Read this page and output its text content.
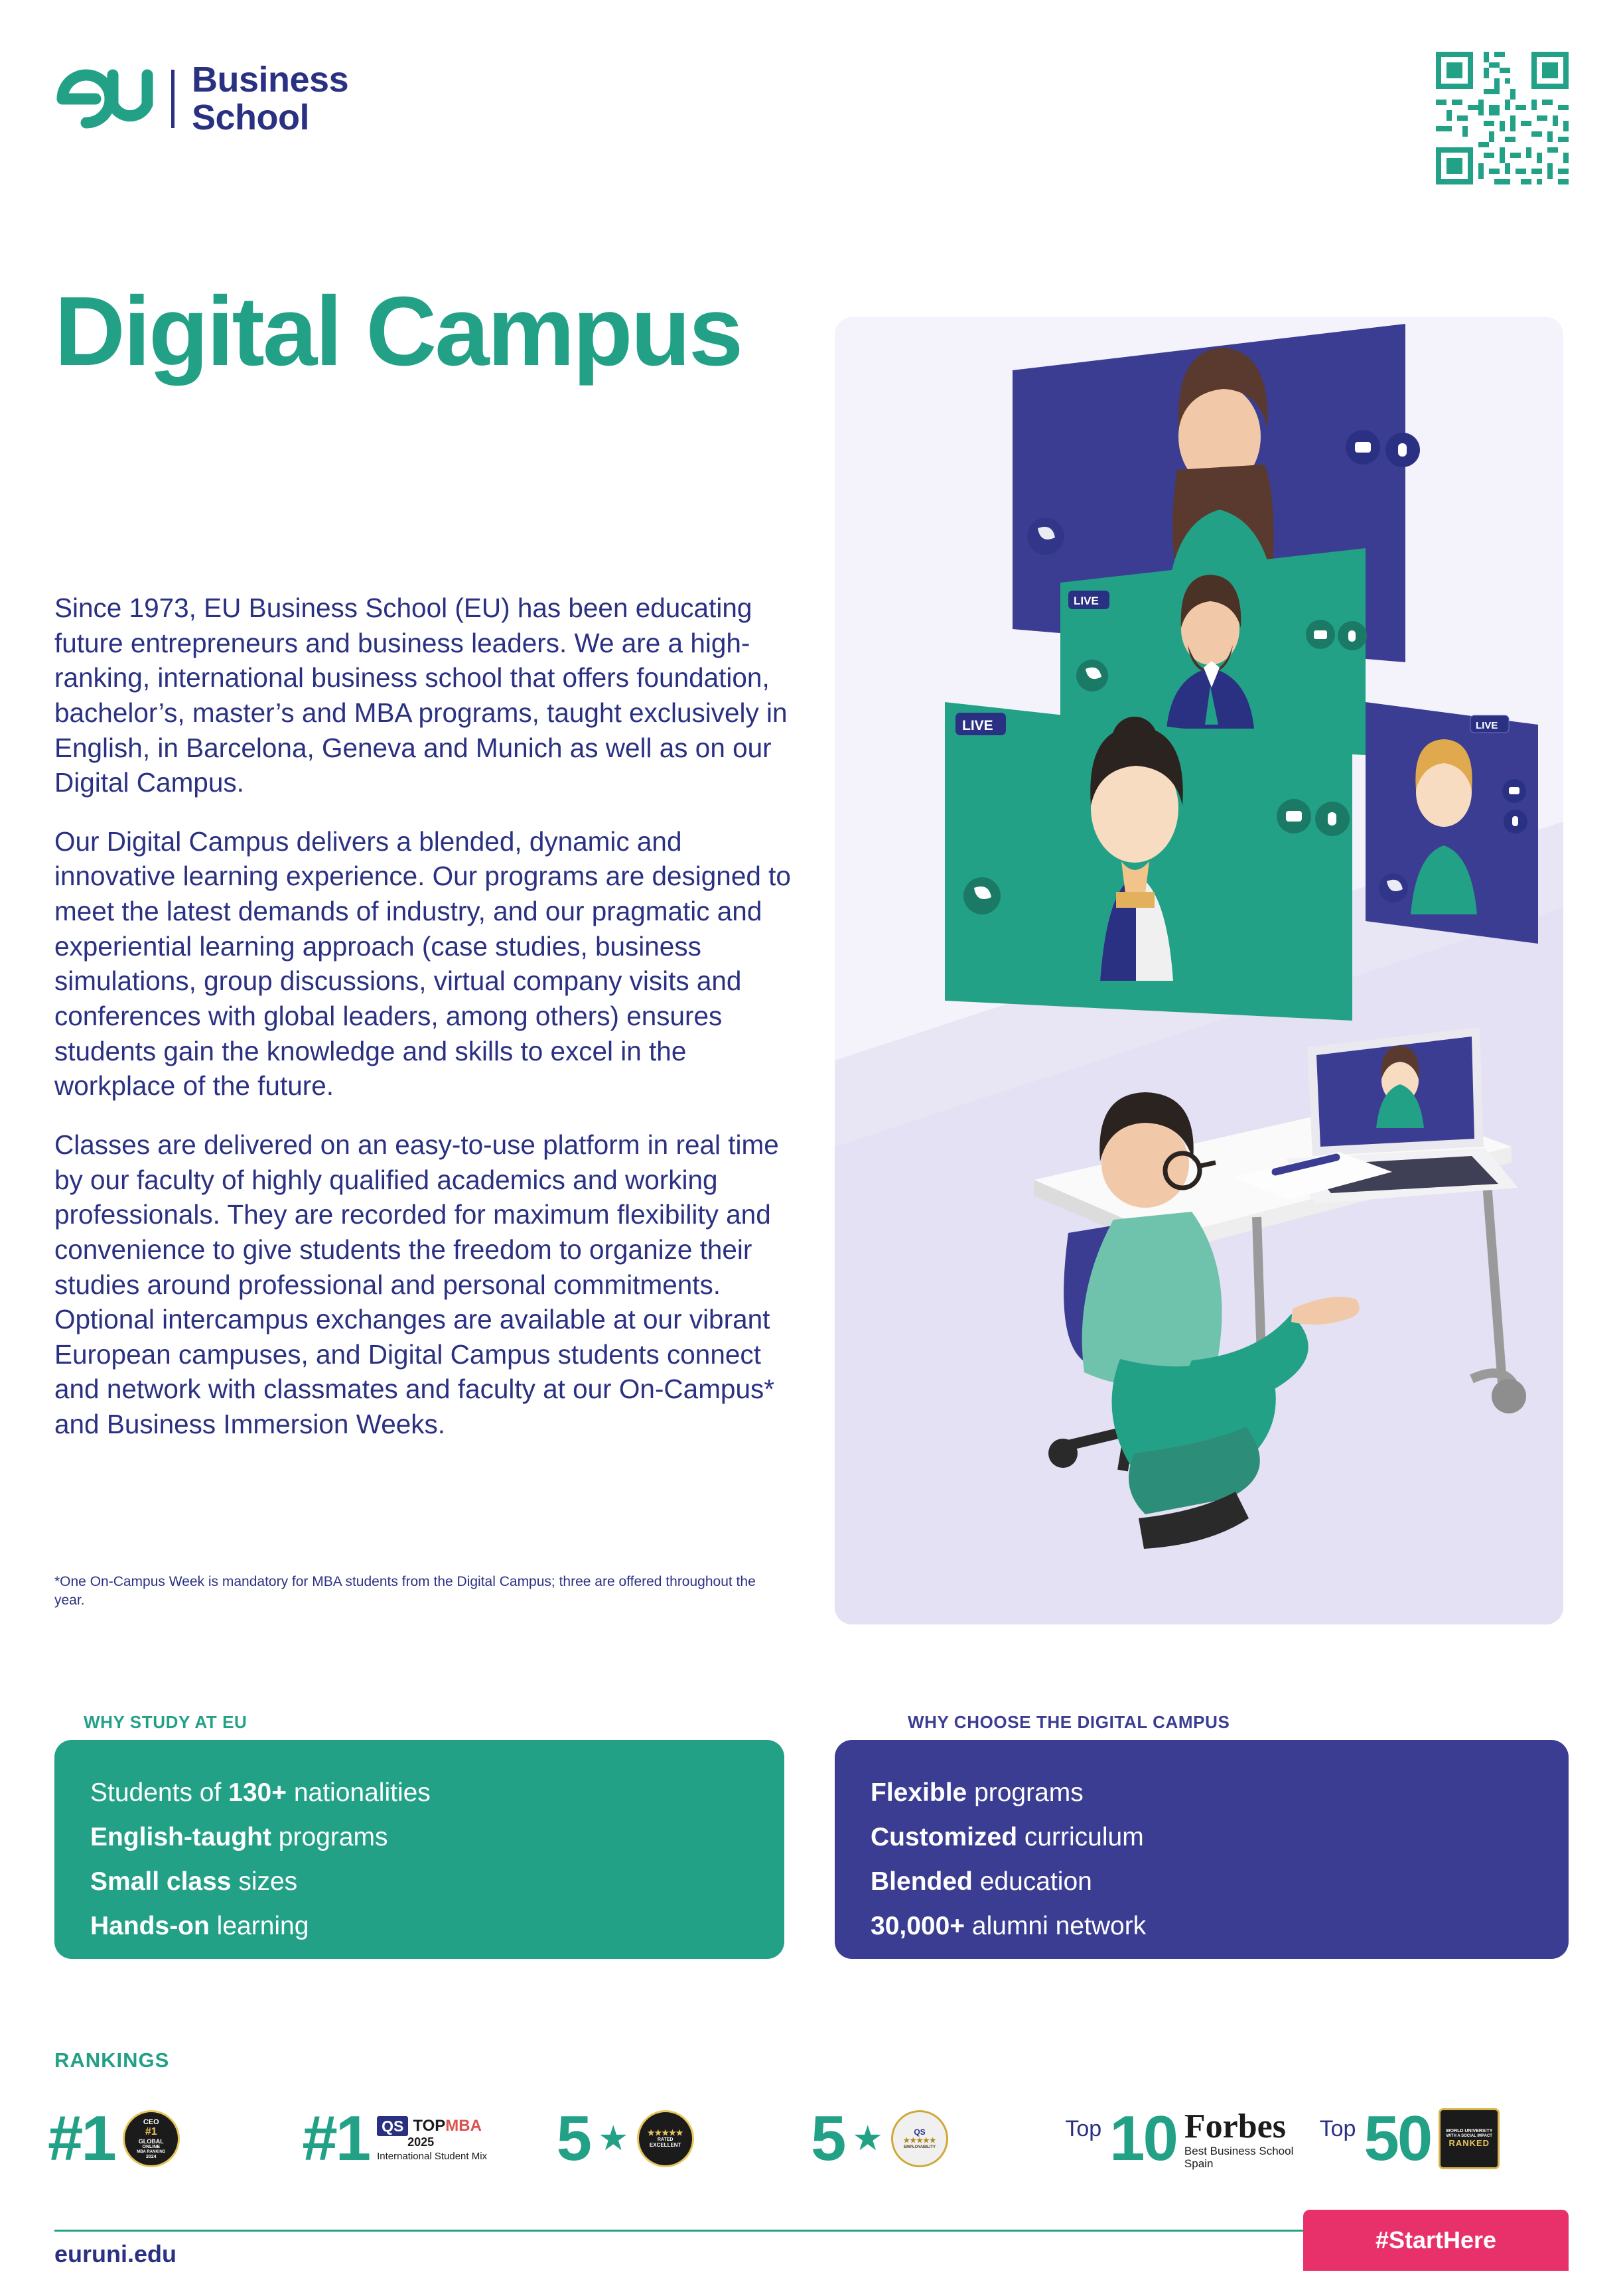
Business
School
Digital Campus

Since 1973, EU Business School (EU) has been educating future entrepreneurs and business leaders. We are a high-ranking, international business school that offers foundation, bachelor’s, master’s and MBA programs, taught exclusively in English, in Barcelona, Geneva and Munich as well as on our Digital Campus.

Our Digital Campus delivers a blended, dynamic and innovative learning experience. Our programs are designed to meet the latest demands of industry, and our pragmatic and experiential learning approach (case studies, business simulations, group discussions, virtual company visits and conferences with global leaders, among others) ensures students gain the knowledge and skills to excel in the workplace of the future.

Classes are delivered on an easy-to-use platform in real time by our faculty of highly qualified academics and working professionals. They are recorded for maximum flexibility and convenience to give students the freedom to organize their studies around professional and personal commitments. Optional intercampus exchanges are available at our vibrant European campuses, and Digital Campus students connect and network with classmates and faculty at our On-Campus* and Business Immersion Weeks.

*One On-Campus Week is mandatory for MBA students from the Digital Campus; three are offered throughout the year.
LIVE
LIVE	LIVE
WHY STUDY AT EU	WHY CHOOSE THE DIGITAL CAMPUS
Students of 130+ nationalities
English-taught programs
Small class sizes
Hands-on learning
Flexible programs
Customized curriculum
Blended education
30,000+ alumni network
RANKINGS
#1	CEO
#1
GLOBAL
ONLINE
MBA RANKING
2024 #1 QS TOPMBA
2025
International Student Mix 5 ★ ★★★★★
RATED
EXCELLENT 5 ★	QS
★★★★★
EMPLOYABILITY
Top 10 Forbes
Best Business School
Spain
Top 50	WORLD UNIVERSITY
WITH A SOCIAL IMPACT
RANKED
euruni.edu
#StartHere
